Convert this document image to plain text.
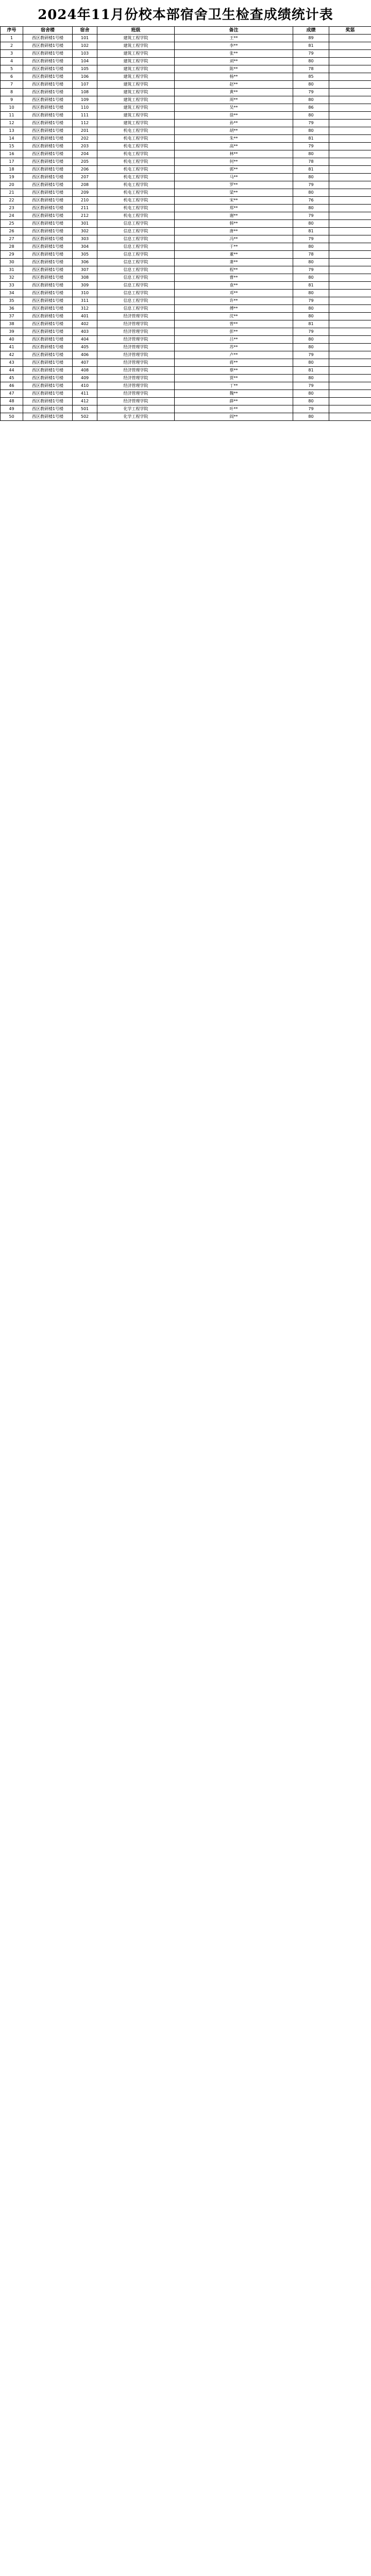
2024年11月份校本部宿舍卫生检查成绩统计表
序号	宿舍楼	宿舍	班级	备注	成绩	奖惩
1	西区教研楼1号楼	101	建筑工程学院	王**	89	
2	西区教研楼1号楼	102	建筑工程学院	李**	81	
3	西区教研楼1号楼	103	建筑工程学院	张**	79	
4	西区教研楼1号楼	104	建筑工程学院	刘**	80	
5	西区教研楼1号楼	105	建筑工程学院	陈**	78	
6	西区教研楼1号楼	106	建筑工程学院	杨**	85	
7	西区教研楼1号楼	107	建筑工程学院	赵**	80	
8	西区教研楼1号楼	108	建筑工程学院	黄**	79	
9	西区教研楼1号楼	109	建筑工程学院	周**	80	
10	西区教研楼1号楼	110	建筑工程学院	吴**	86	
11	西区教研楼1号楼	111	建筑工程学院	徐**	80	
12	西区教研楼1号楼	112	建筑工程学院	孙**	79	
13	西区教研楼1号楼	201	机电工程学院	胡**	80	
14	西区教研楼1号楼	202	机电工程学院	朱**	81	
15	西区教研楼1号楼	203	机电工程学院	高**	79	
16	西区教研楼1号楼	204	机电工程学院	林**	80	
17	西区教研楼1号楼	205	机电工程学院	何**	78	
18	西区教研楼1号楼	206	机电工程学院	郭**	81	
19	西区教研楼1号楼	207	机电工程学院	马**	80	
20	西区教研楼1号楼	208	机电工程学院	罗**	79	
21	西区教研楼1号楼	209	机电工程学院	梁**	80	
22	西区教研楼1号楼	210	机电工程学院	宋**	76	
23	西区教研楼1号楼	211	机电工程学院	郑**	80	
24	西区教研楼1号楼	212	机电工程学院	谢**	79	
25	西区教研楼1号楼	301	信息工程学院	韩**	80	
26	西区教研楼1号楼	302	信息工程学院	唐**	81	
27	西区教研楼1号楼	303	信息工程学院	冯**	79	
28	西区教研楼1号楼	304	信息工程学院	于**	80	
29	西区教研楼1号楼	305	信息工程学院	董**	78	
30	西区教研楼1号楼	306	信息工程学院	萧**	80	
31	西区教研楼1号楼	307	信息工程学院	程**	79	
32	西区教研楼1号楼	308	信息工程学院	曹**	80	
33	西区教研楼1号楼	309	信息工程学院	袁**	81	
34	西区教研楼1号楼	310	信息工程学院	邓**	80	
35	西区教研楼1号楼	311	信息工程学院	许**	79	
36	西区教研楼1号楼	312	信息工程学院	傅**	80	
37	西区教研楼1号楼	401	经济管理学院	沈**	80	
38	西区教研楼1号楼	402	经济管理学院	曾**	81	
39	西区教研楼1号楼	403	经济管理学院	彭**	79	
40	西区教研楼1号楼	404	经济管理学院	吕**	80	
41	西区教研楼1号楼	405	经济管理学院	苏**	80	
42	西区教研楼1号楼	406	经济管理学院	卢**	79	
43	西区教研楼1号楼	407	经济管理学院	蒋**	80	
44	西区教研楼1号楼	408	经济管理学院	蔡**	81	
45	西区教研楼1号楼	409	经济管理学院	贾**	80	
46	西区教研楼1号楼	410	经济管理学院	丁**	79	
47	西区教研楼1号楼	411	经济管理学院	魏**	80	
48	西区教研楼1号楼	412	经济管理学院	薛**	80	
49	西区教研楼1号楼	501	化学工程学院	叶**	79	
50	西区教研楼1号楼	502	化学工程学院	阎**	80	
